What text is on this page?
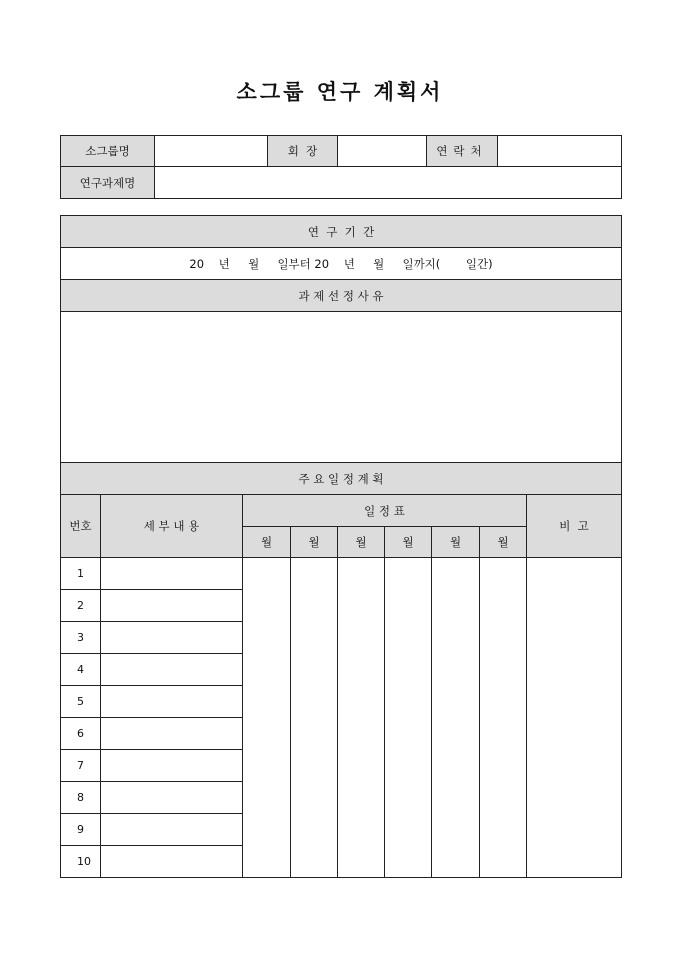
소그룹 연구 계획서
소그룹명		회  장		연락처	
연구과제명					
연  구  기  간								
20    년     월     일부터 20    년     월     일까지(       일간)								
과 제 선 정 사 유								

주 요 일 정 계 획								
번호	세 부 내 용	일 정 표						비  고
		월	월	월	월	월	월	
1								
2								
3								
4								
5								
6								
7								
8								
9								
10								
